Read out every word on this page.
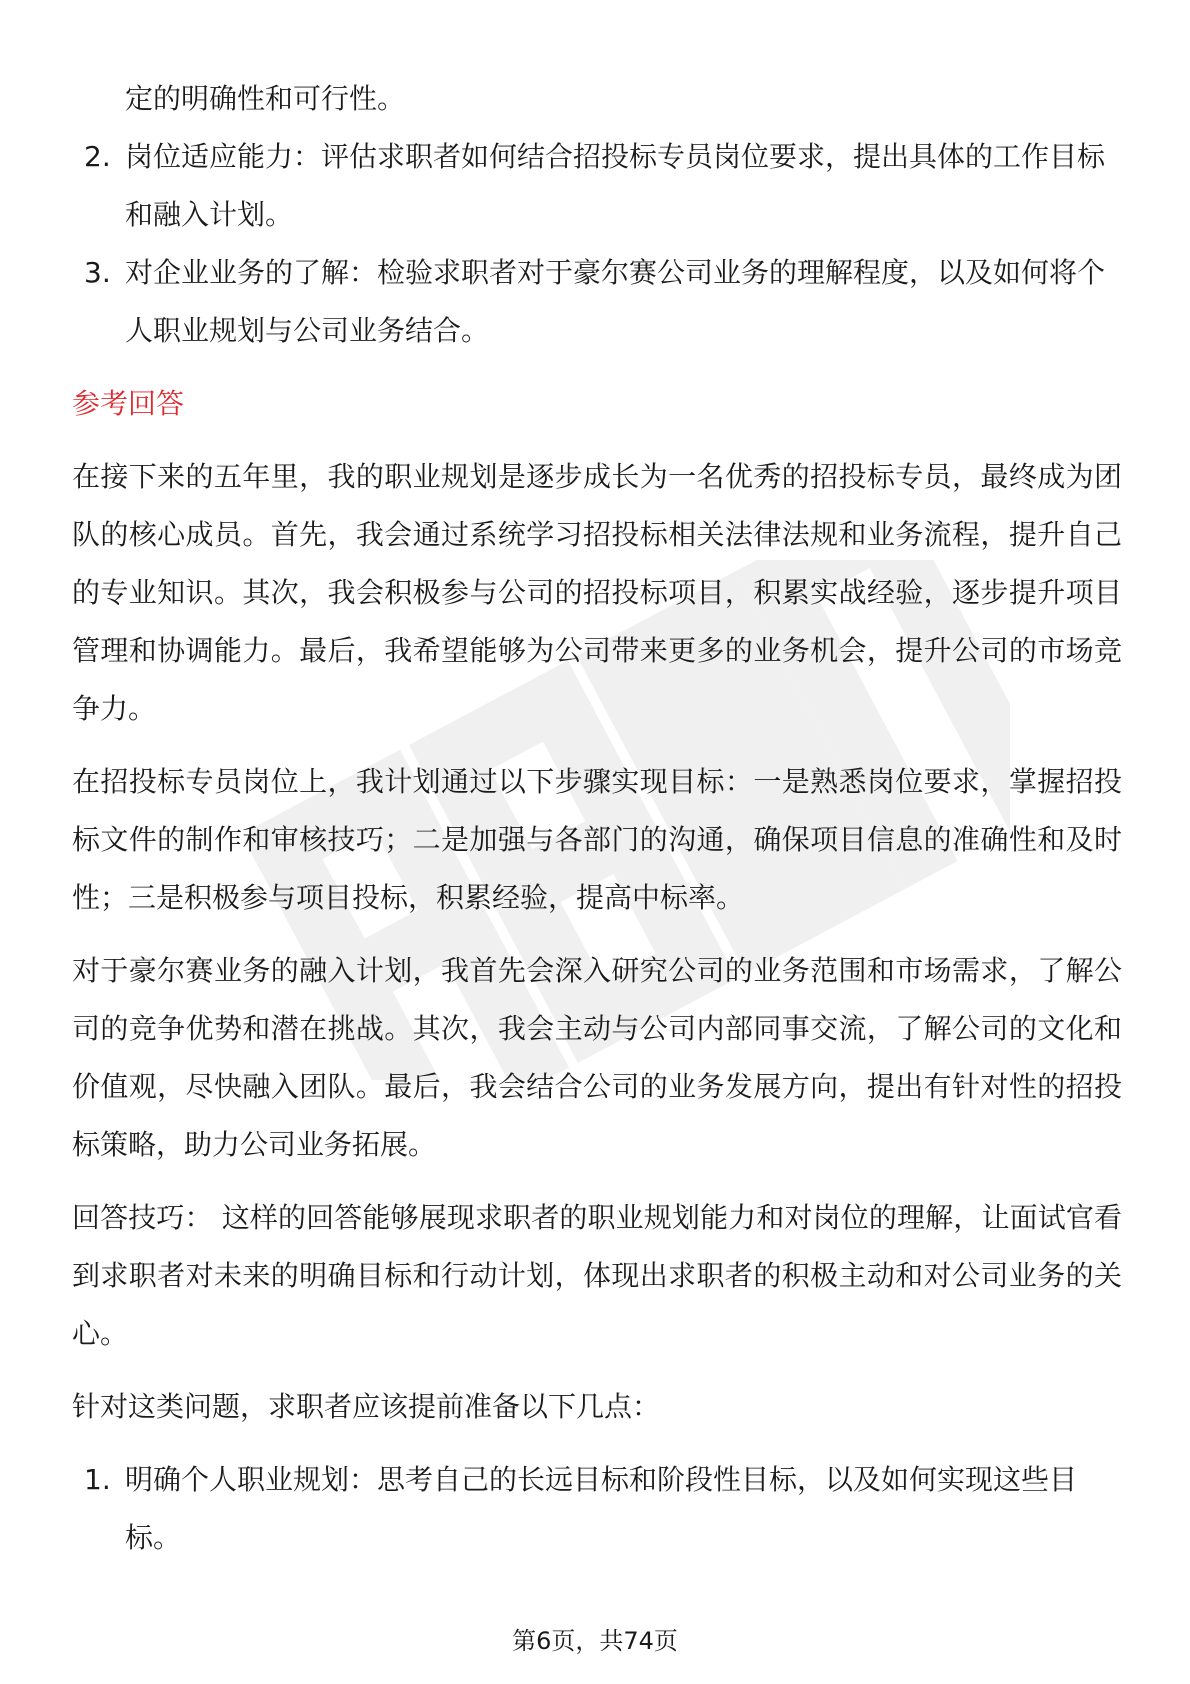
定的明确性和可行性。

2. 岗位适应能力：评估求职者如何结合招投标专员岗位要求，提出具体的工作目标和融入计划。
3. 对企业业务的了解：检验求职者对于豪尔赛公司业务的理解程度，以及如何将个人职业规划与公司业务结合。

参考回答

在接下来的五年里，我的职业规划是逐步成长为一名优秀的招投标专员，最终成为团队的核心成员。首先，我会通过系统学习招投标相关法律法规和业务流程，提升自己的专业知识。其次，我会积极参与公司的招投标项目，积累实战经验，逐步提升项目管理和协调能力。最后，我希望能够为公司带来更多的业务机会，提升公司的市场竞争力。

在招投标专员岗位上，我计划通过以下步骤实现目标：一是熟悉岗位要求，掌握招投标文件的制作和审核技巧；二是加强与各部门的沟通，确保项目信息的准确性和及时性；三是积极参与项目投标，积累经验，提高中标率。

对于豪尔赛业务的融入计划，我首先会深入研究公司的业务范围和市场需求，了解公司的竞争优势和潜在挑战。其次，我会主动与公司内部同事交流，了解公司的文化和价值观，尽快融入团队。最后，我会结合公司的业务发展方向，提出有针对性的招投标策略，助力公司业务拓展。

回答技巧： 这样的回答能够展现求职者的职业规划能力和对岗位的理解，让面试官看到求职者对未来的明确目标和行动计划，体现出求职者的积极主动和对公司业务的关心。

针对这类问题，求职者应该提前准备以下几点：

1. 明确个人职业规划：思考自己的长远目标和阶段性目标，以及如何实现这些目标。
第6页，共74页
